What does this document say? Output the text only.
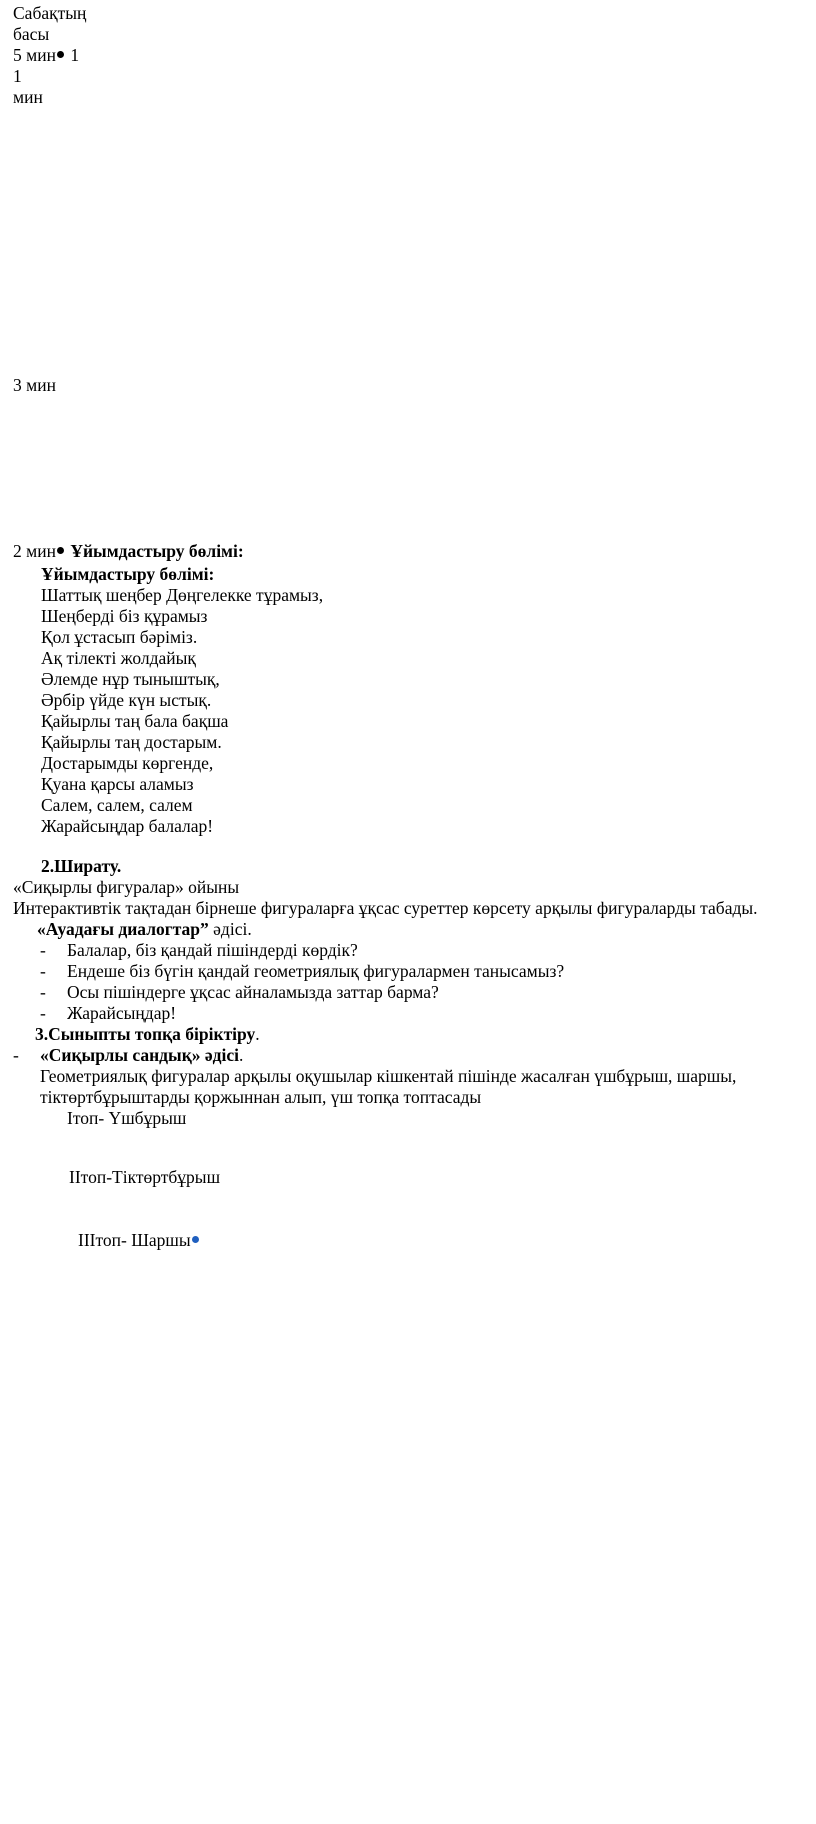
Сабақтың
басы
5 мин 1
1
мин
3 мин
2 мин Ұйымдастыру бөлімі:
Ұйымдастыру бөлімі:
Шаттық шеңбер Дөңгелекке тұрамыз,
Шеңберді біз құрамыз
Қол ұстасып бәріміз.
Ақ тілекті жолдайық
Әлемде нұр тыныштық,
Әрбір үйде күн ыстық.
Қайырлы таң бала бақша
Қайырлы таң достарым.
Достарымды көргенде,
Қуана қарсы аламыз
Салем, салем, салем
Жарайсыңдар балалар!
2.Ширату.
«Сиқырлы фигуралар» ойыны
Интерактивтік тақтадан бірнеше фигураларға ұқсас суреттер көрсету арқылы фигураларды табады.
«Ауадағы диалогтар” әдісі.
- Балалар, біз қандай пішіндерді көрдік?
- Ендеше біз бүгін қандай геометриялық фигуралармен танысамыз?
- Осы пішіндерге ұқсас айналамызда заттар барма?
- Жарайсыңдар!
3.Сыныпты топқа біріктіру.
- «Сиқырлы сандық» әдісі.
Геометриялық фигуралар арқылы оқушылар кішкентай пішінде жасалған үшбұрыш, шаршы,
тіктөртбұрыштарды қоржыннан алып, үш топқа топтасады
Ітоп- Үшбұрыш
ІІтоп-Тіктөртбұрыш
ІІІтоп- Шаршы
